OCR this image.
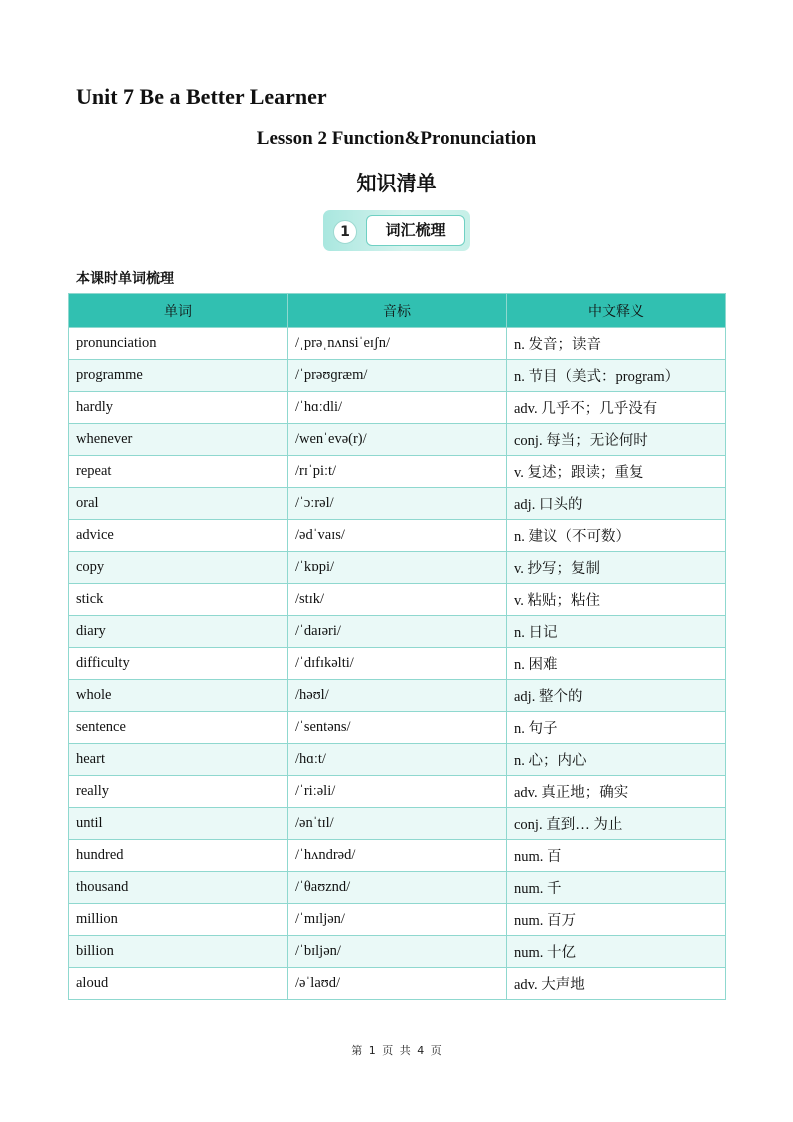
Unit 7 Be a Better Learner
Lesson 2 Function&Pronunciation
知识清单
1	词汇梳理
本课时单词梳理
单词	音标	中文释义
pronunciation	/ˌprəˌnʌnsiˈeɪʃn/	n. 发音；读音
programme	/ˈprəʊɡræm/	n. 节目（美式：program）
hardly	/ˈhɑːdli/	adv. 几乎不；几乎没有
whenever	/wenˈevə(r)/	conj. 每当；无论何时
repeat	/rɪˈpiːt/	v. 复述；跟读；重复
oral	/ˈɔːrəl/	adj. 口头的
advice	/ədˈvaɪs/	n. 建议（不可数）
copy	/ˈkɒpi/	v. 抄写；复制
stick	/stɪk/	v. 粘贴；粘住
diary	/ˈdaɪəri/	n. 日记
difficulty	/ˈdɪfɪkəlti/	n. 困难
whole	/həʊl/	adj. 整个的
sentence	/ˈsentəns/	n. 句子
heart	/hɑːt/	n. 心；内心
really	/ˈriːəli/	adv. 真正地；确实
until	/ənˈtɪl/	conj. 直到… 为止
hundred	/ˈhʌndrəd/	num. 百
thousand	/ˈθaʊznd/	num. 千
million	/ˈmɪljən/	num. 百万
billion	/ˈbɪljən/	num. 十亿
aloud	/əˈlaʊd/	adv. 大声地
第 1 页 共 4 页
